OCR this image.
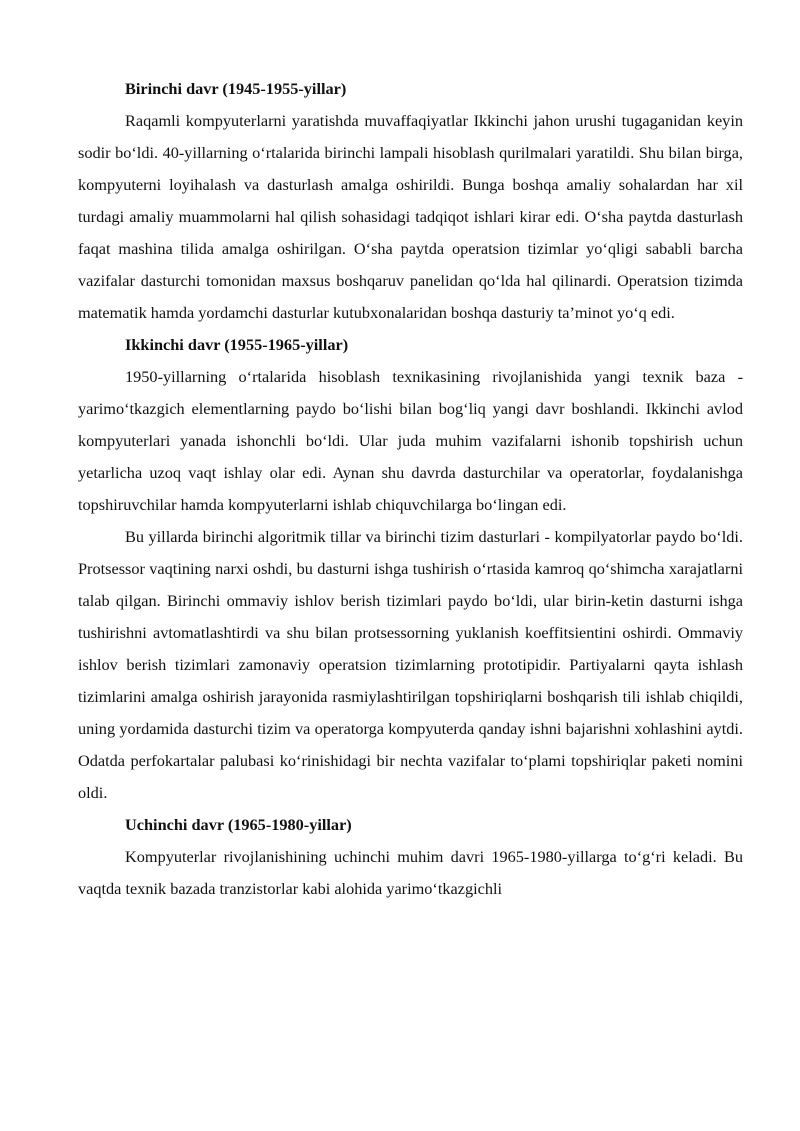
Birinchi davr (1945-1955-yillar)

Raqamli kompyuterlarni yaratishda muvaffaqiyatlar Ikkinchi jahon urushi tugaganidan keyin sodir bo‘ldi. 40-yillarning o‘rtalarida birinchi lampali hisoblash qurilmalari yaratildi. Shu bilan birga, kompyuterni loyihalash va dasturlash amalga oshirildi. Bunga boshqa amaliy sohalardan har xil turdagi amaliy muammolarni hal qilish sohasidagi tadqiqot ishlari kirar edi. O‘sha paytda dasturlash faqat mashina tilida amalga oshirilgan. O‘sha paytda operatsion tizimlar yo‘qligi sababli barcha vazifalar dasturchi tomonidan maxsus boshqaruv panelidan qo‘lda hal qilinardi. Operatsion tizimda matematik hamda yordamchi dasturlar kutubxonalaridan boshqa dasturiy ta’minot yo‘q edi.

Ikkinchi davr (1955-1965-yillar)

1950-yillarning o‘rtalarida hisoblash texnikasining rivojlanishida yangi texnik baza - yarimo‘tkazgich elementlarning paydo bo‘lishi bilan bog‘liq yangi davr boshlandi. Ikkinchi avlod kompyuterlari yanada ishonchli bo‘ldi. Ular juda muhim vazifalarni ishonib topshirish uchun yetarlicha uzoq vaqt ishlay olar edi. Aynan shu davrda dasturchilar va operatorlar, foydalanishga topshiruvchilar hamda kompyuterlarni ishlab chiquvchilarga bo‘lingan edi.

Bu yillarda birinchi algoritmik tillar va birinchi tizim dasturlari - kompilyatorlar paydo bo‘ldi. Protsessor vaqtining narxi oshdi, bu dasturni ishga tushirish o‘rtasida kamroq qo‘shimcha xarajatlarni talab qilgan. Birinchi ommaviy ishlov berish tizimlari paydo bo‘ldi, ular birin-ketin dasturni ishga tushirishni avtomatlashtirdi va shu bilan protsessorning yuklanish koeffitsientini oshirdi. Ommaviy ishlov berish tizimlari zamonaviy operatsion tizimlarning prototipidir. Partiyalarni qayta ishlash tizimlarini amalga oshirish jarayonida rasmiylashtirilgan topshiriqlarni boshqarish tili ishlab chiqildi, uning yordamida dasturchi tizim va operatorga kompyuterda qanday ishni bajarishni xohlashini aytdi. Odatda perfokartalar palubasi ko‘rinishidagi bir nechta vazifalar to‘plami topshiriqlar paketi nomini oldi.

Uchinchi davr (1965-1980-yillar)

Kompyuterlar rivojlanishining uchinchi muhim davri 1965-1980-yillarga to‘g‘ri keladi. Bu vaqtda texnik bazada tranzistorlar kabi alohida yarimo‘tkazgichli
